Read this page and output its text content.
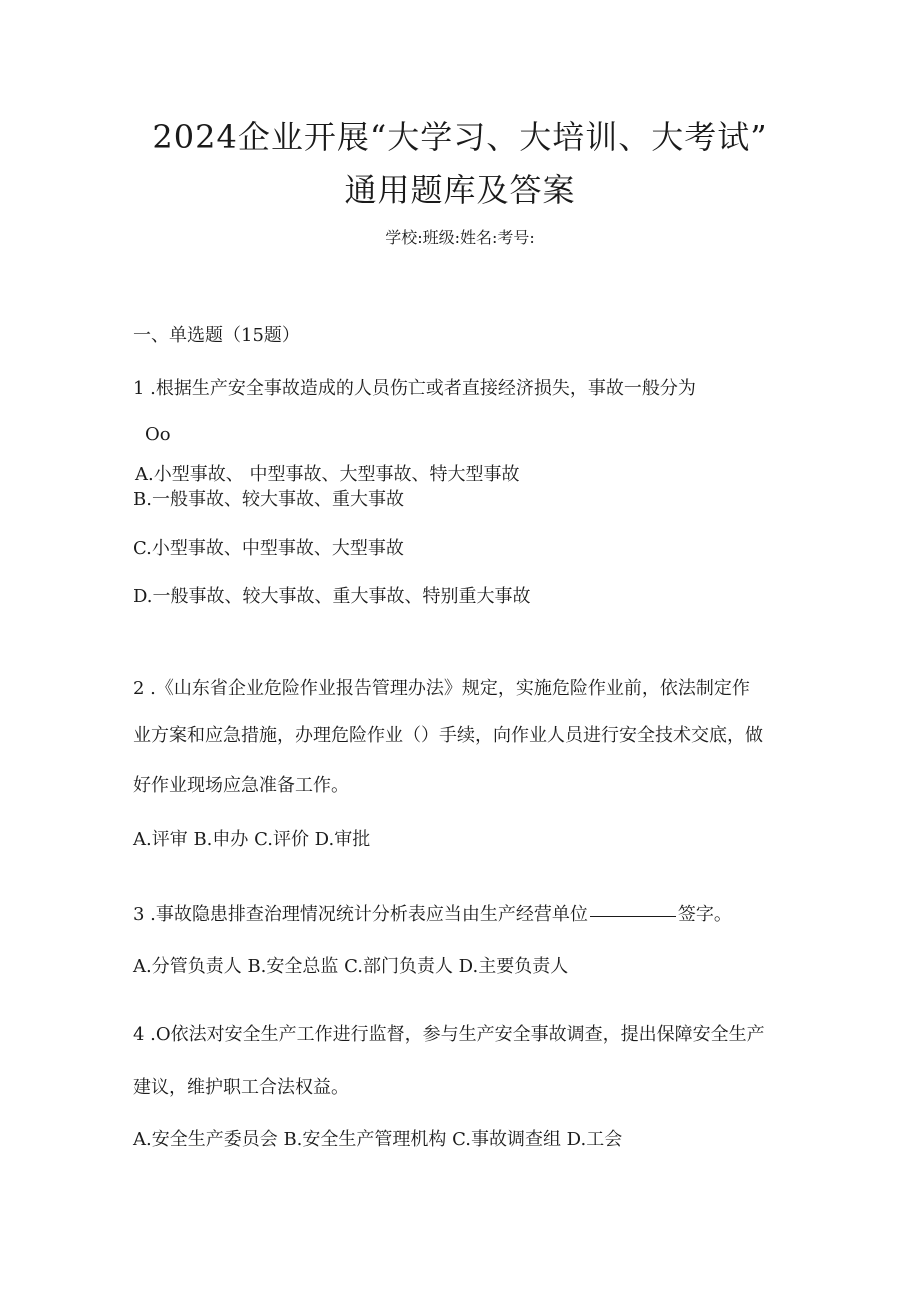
2024企业开展“大学习、大培训、大考试”
通用题库及答案
学校:班级:姓名:考号:
一、单选题（15题）
1 .根据生产安全事故造成的人员伤亡或者直接经济损失，事故一般分为
Oo
A.小型事故、 中型事故、大型事故、特大型事故
B.一般事故、较大事故、重大事故
C.小型事故、中型事故、大型事故
D.一般事故、较大事故、重大事故、特别重大事故
2 .《山东省企业危险作业报告管理办法》规定，实施危险作业前，依法制定作
业方案和应急措施，办理危险作业（）手续，向作业人员进行安全技术交底，做
好作业现场应急准备工作。
A.评审 B.申办 C.评价 D.审批
3 .事故隐患排查治理情况统计分析表应当由生产经营单位	签字。
A.分管负责人 B.安全总监 C.部门负责人 D.主要负责人
4 .O依法对安全生产工作进行监督，参与生产安全事故调查，提出保障安全生产
建议，维护职工合法权益。
A.安全生产委员会 B.安全生产管理机构 C.事故调查组 D.工会
